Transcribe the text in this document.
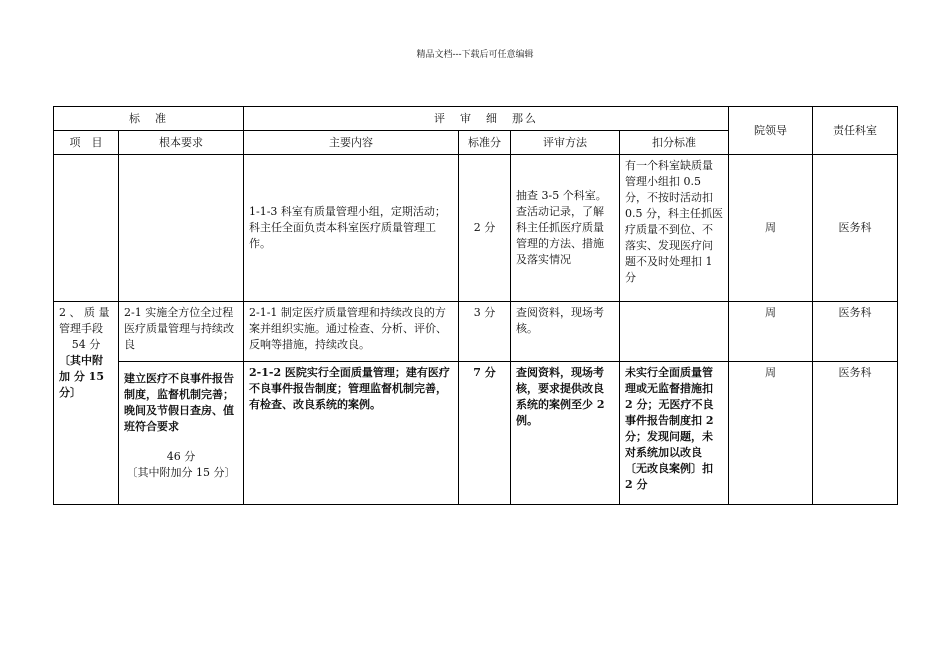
精品文档---下载后可任意编辑
标　准		评　审　细　那么				院领导	责任科室
项　目	根本要求	主要内容	标准分	评审方法	扣分标准		
		1-1-3 科室有质量管理小组，定期活动；科主任全面负责本科室医疗质量管理工作。	2 分	抽查 3-5 个科室。查活动记录，了解科主任抓医疗质量管理的方法、措施及落实情况	有一个科室缺质量管理小组扣 0.5 分，不按时活动扣 0.5 分，科主任抓医疗质量不到位、不落实、发现医疗问题不及时处理扣 1 分	周	医务科

2 、 质 量管理手段
54 分
〔其中附加 分 15 分〕	2-1 实施全方位全过程医疗质量管理与持续改良	2-1-1 制定医疗质量管理和持续改良的方案并组织实施。通过检查、分析、评价、反响等措施，持续改良。	3 分	查阅资料，现场考核。		周	医务科

	建立医疗不良事件报告制度，监督机制完善；晚间及节假日查房、值班符合要求
46 分
〔其中附加分 15 分〕	2-1-2 医院实行全面质量管理；建有医疗不良事件报告制度；管理监督机制完善，有检查、改良系统的案例。	7 分	查阅资料，现场考核，要求提供改良系统的案例至少 2 例。	未实行全面质量管理或无监督措施扣 2 分；无医疗不良事件报告制度扣 2 分；发现问题，未对系统加以改良〔无改良案例〕扣 2 分	周	医务科
